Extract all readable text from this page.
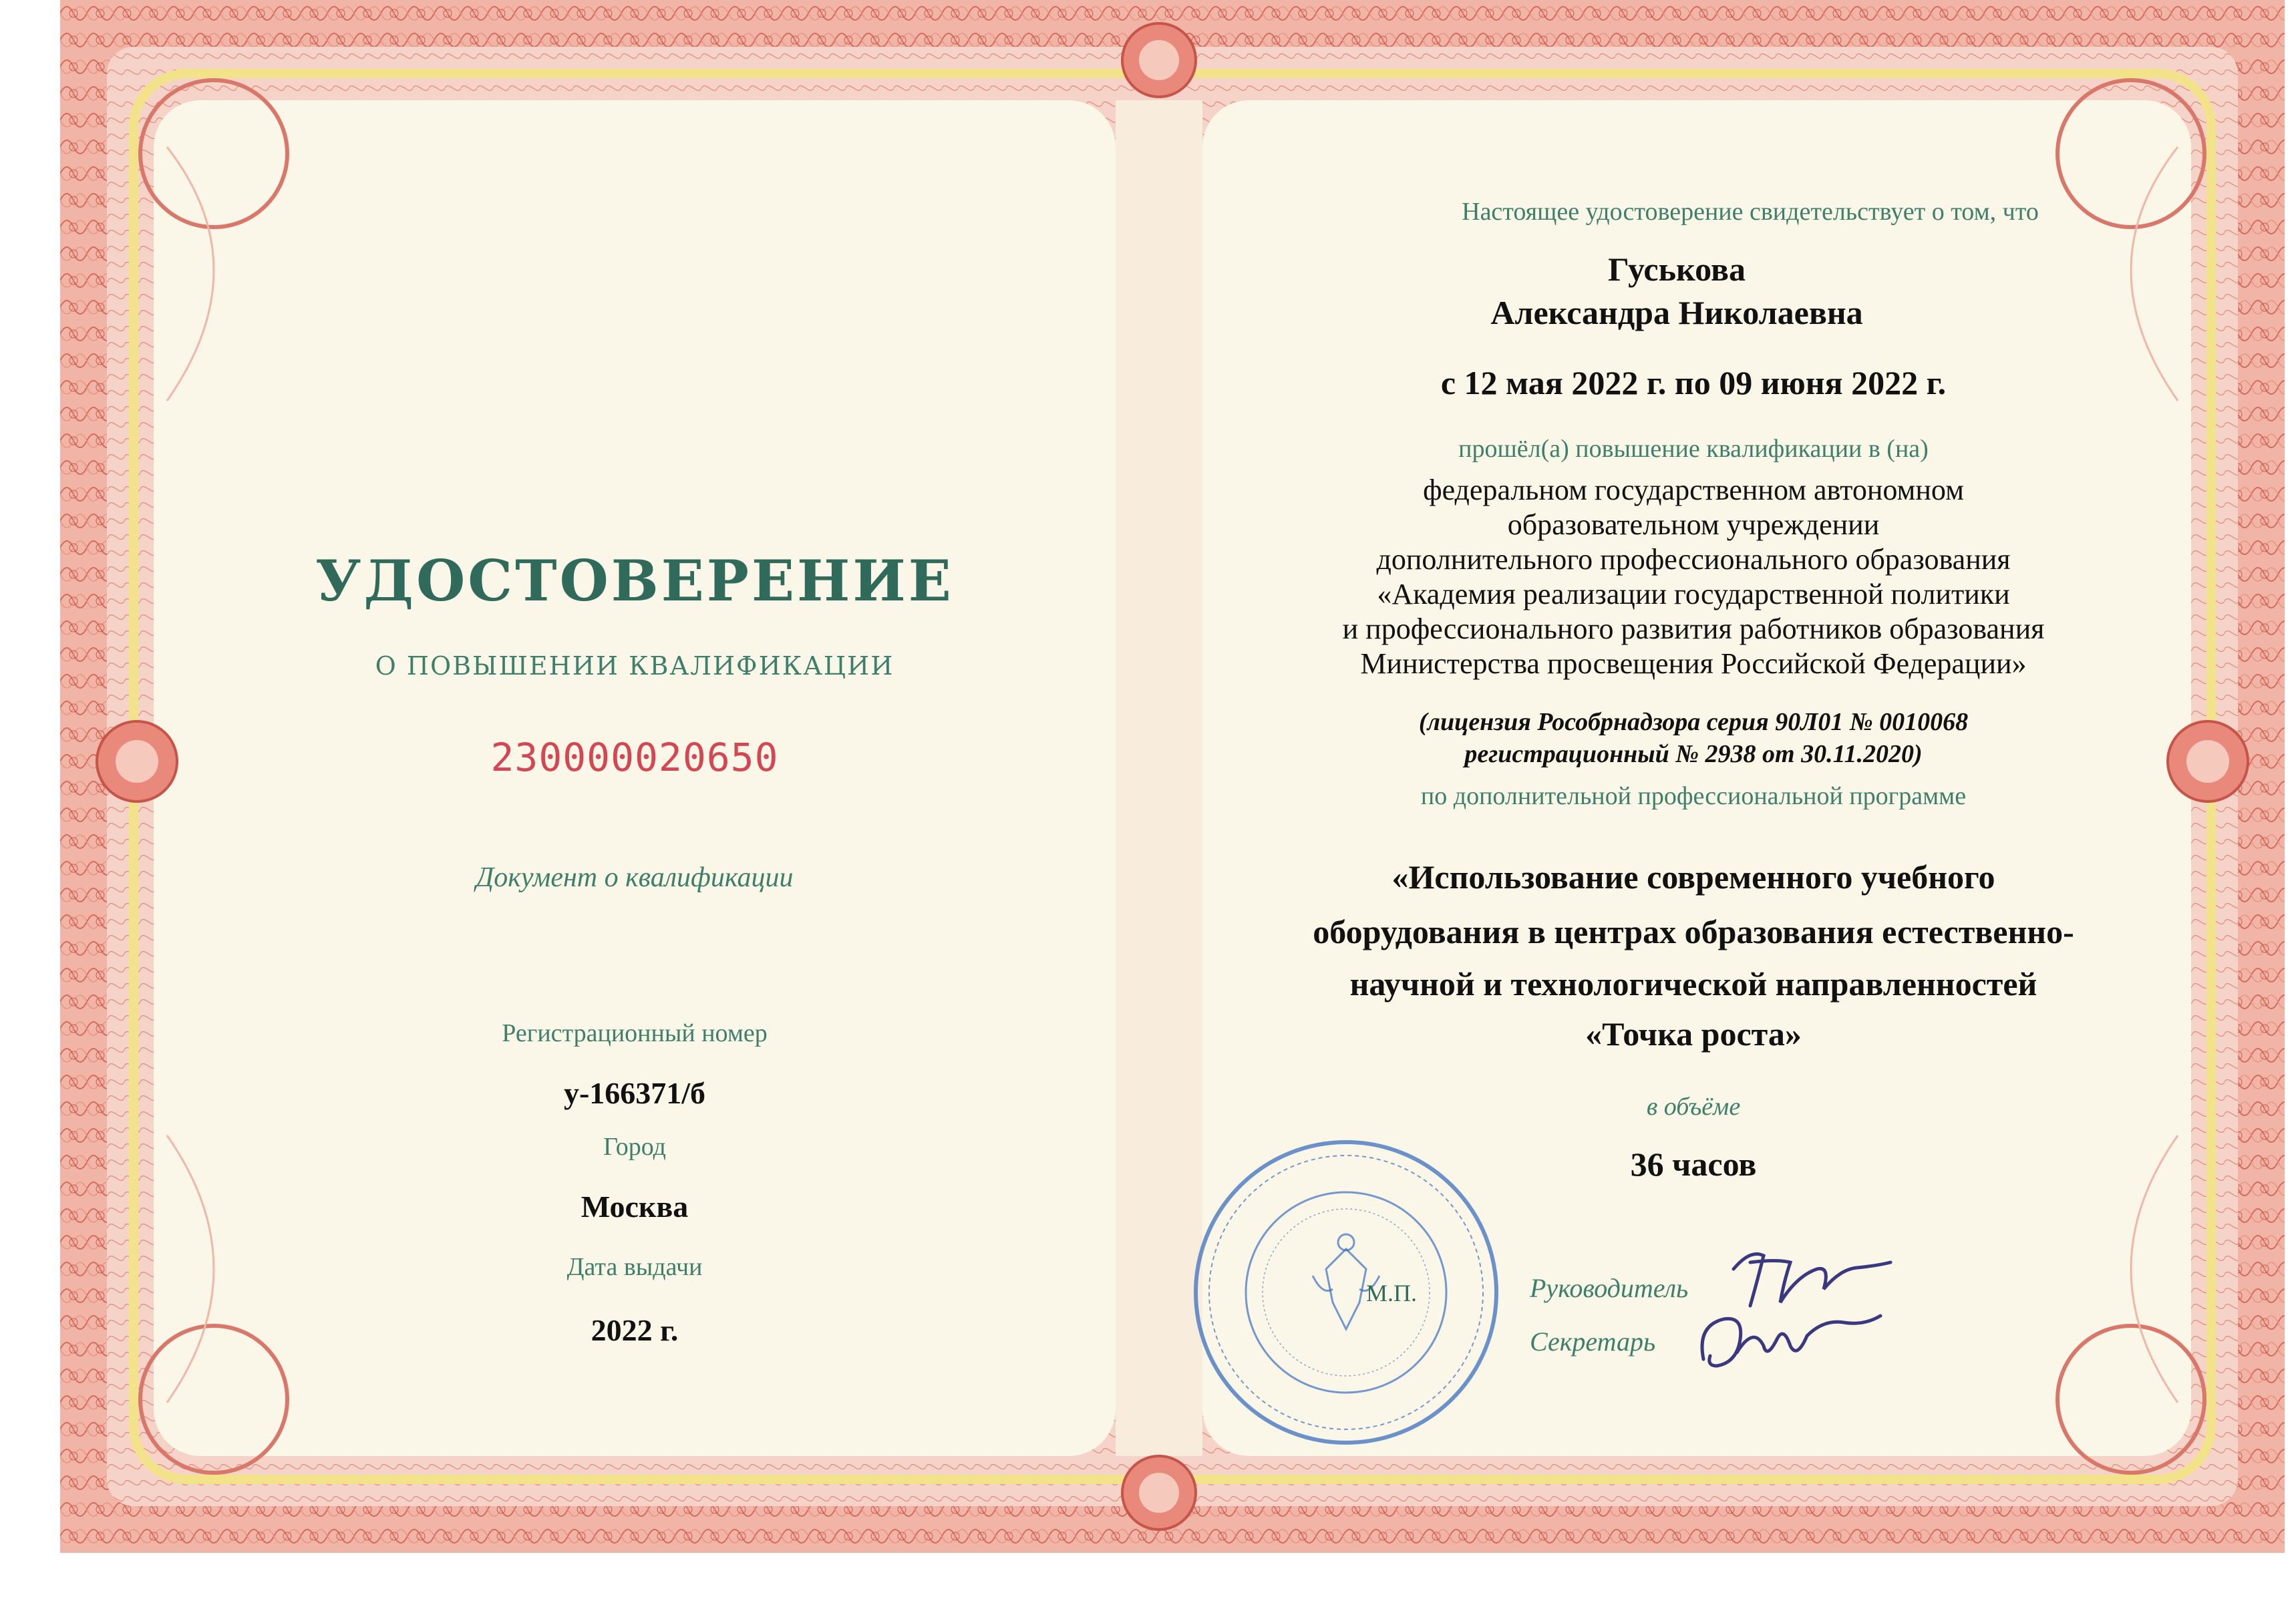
УДОСТОВЕРЕНИЕ
О ПОВЫШЕНИИ КВАЛИФИКАЦИИ
230000020650
Документ о квалификации
Регистрационный номер
у-166371/б
Город
Москва
Дата выдачи
2022 г.
Настоящее удостоверение свидетельствует о том, что
Гуськова
Александра Николаевна
с 12 мая 2022 г. по 09 июня 2022 г.
прошёл(а) повышение квалификации в (на)
федеральном государственном автономном
образовательном учреждении
дополнительного профессионального образования
«Академия реализации государственной политики
и профессионального развития работников образования
Министерства просвещения Российской Федерации»
(лицензия Рособрнадзора серия 90Л01 № 0010068
регистрационный № 2938 от 30.11.2020)
по дополнительной профессиональной программе
«Использование современного учебного
оборудования в центрах образования естественно-
научной и технологической направленностей
«Точка роста»
в объёме
36 часов
М.П.	Руководитель
Секретарь
